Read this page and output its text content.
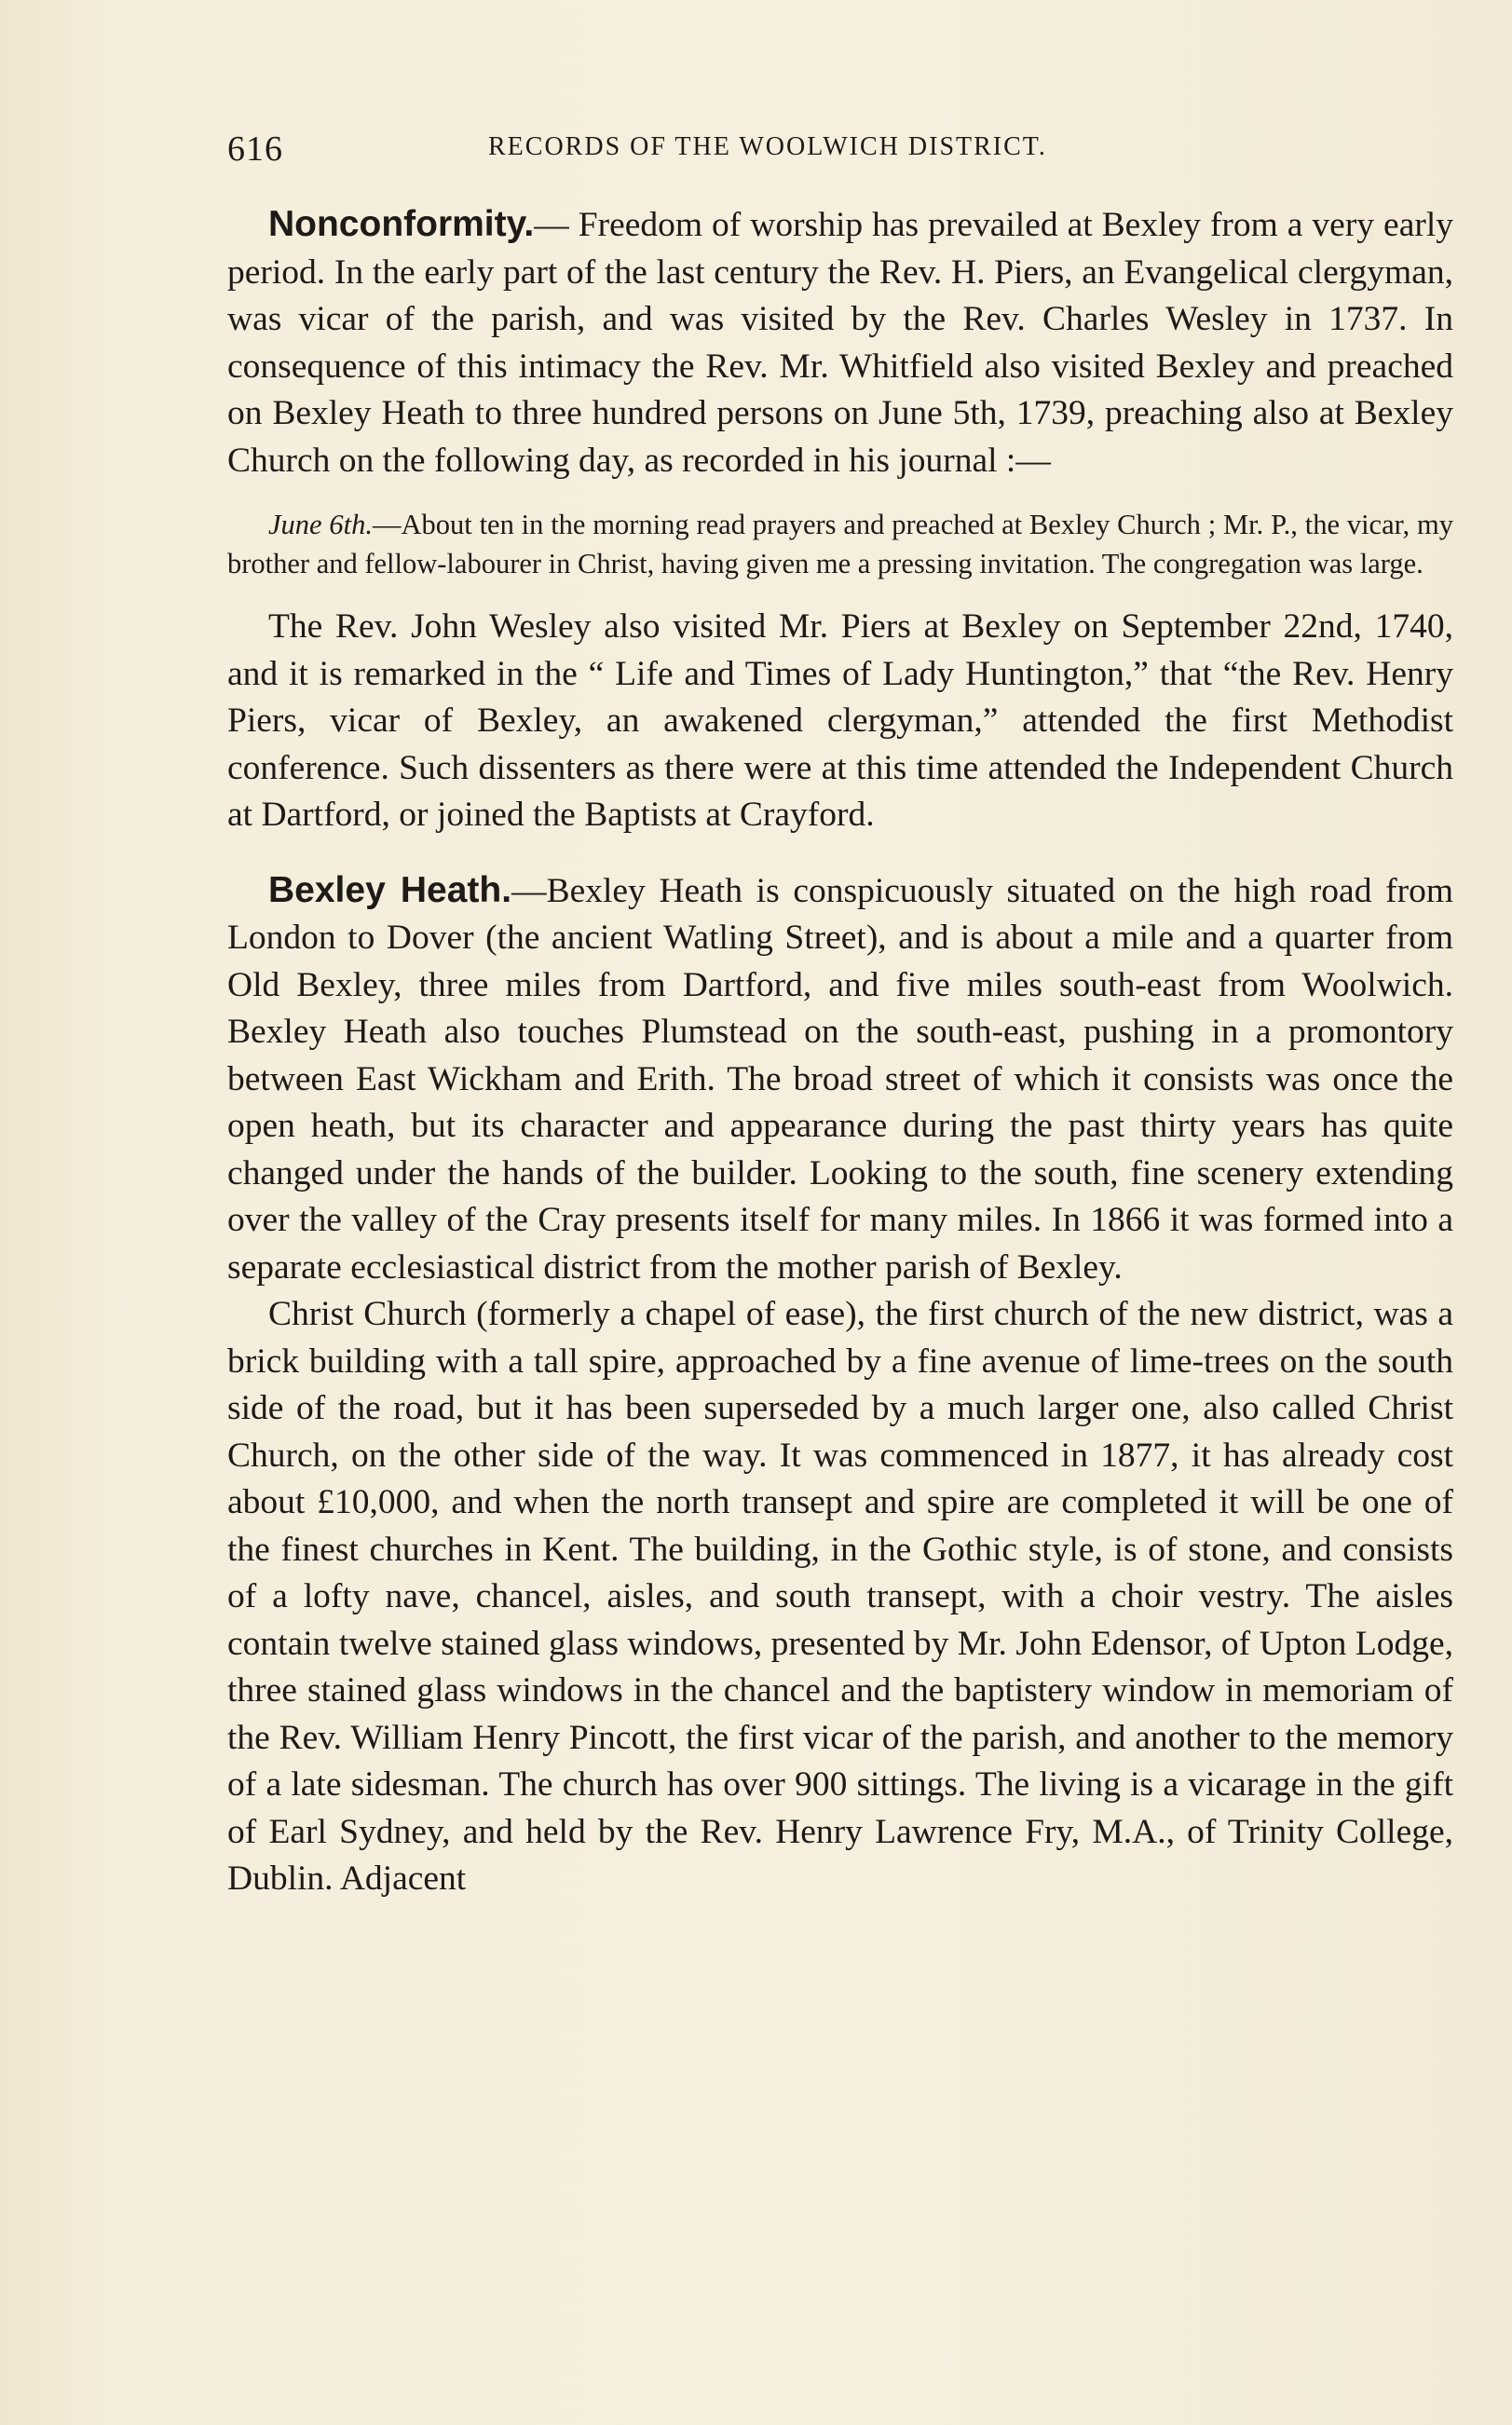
616	RECORDS OF THE WOOLWICH DISTRICT.

Nonconformity.— Freedom of worship has prevailed at Bexley from a very early period. In the early part of the last century the Rev. H. Piers, an Evangelical clergyman, was vicar of the parish, and was visited by the Rev. Charles Wesley in 1737. In consequence of this intimacy the Rev. Mr. Whitfield also visited Bexley and preached on Bexley Heath to three hundred persons on June 5th, 1739, preaching also at Bexley Church on the following day, as recorded in his journal :—

June 6th.—About ten in the morning read prayers and preached at Bexley Church ; Mr. P., the vicar, my brother and fellow-labourer in Christ, having given me a pressing invitation. The congregation was large.

The Rev. John Wesley also visited Mr. Piers at Bexley on September 22nd, 1740, and it is remarked in the “ Life and Times of Lady Huntington,” that “the Rev. Henry Piers, vicar of Bexley, an awakened clergyman,” attended the first Methodist conference. Such dissenters as there were at this time attended the Independent Church at Dartford, or joined the Baptists at Crayford.

Bexley Heath.—Bexley Heath is conspicuously situated on the high road from London to Dover (the ancient Watling Street), and is about a mile and a quarter from Old Bexley, three miles from Dartford, and five miles south-east from Woolwich. Bexley Heath also touches Plumstead on the south-east, pushing in a promontory between East Wickham and Erith. The broad street of which it consists was once the open heath, but its character and appearance during the past thirty years has quite changed under the hands of the builder. Looking to the south, fine scenery extending over the valley of the Cray presents itself for many miles. In 1866 it was formed into a separate ecclesiastical district from the mother parish of Bexley.

Christ Church (formerly a chapel of ease), the first church of the new district, was a brick building with a tall spire, approached by a fine avenue of lime-trees on the south side of the road, but it has been superseded by a much larger one, also called Christ Church, on the other side of the way. It was commenced in 1877, it has already cost about £10,000, and when the north transept and spire are completed it will be one of the finest churches in Kent. The building, in the Gothic style, is of stone, and consists of a lofty nave, chancel, aisles, and south transept, with a choir vestry. The aisles contain twelve stained glass windows, presented by Mr. John Edensor, of Upton Lodge, three stained glass windows in the chancel and the baptistery window in memoriam of the Rev. William Henry Pincott, the first vicar of the parish, and another to the memory of a late sidesman. The church has over 900 sittings. The living is a vicarage in the gift of Earl Sydney, and held by the Rev. Henry Lawrence Fry, M.A., of Trinity College, Dublin. Adjacent
